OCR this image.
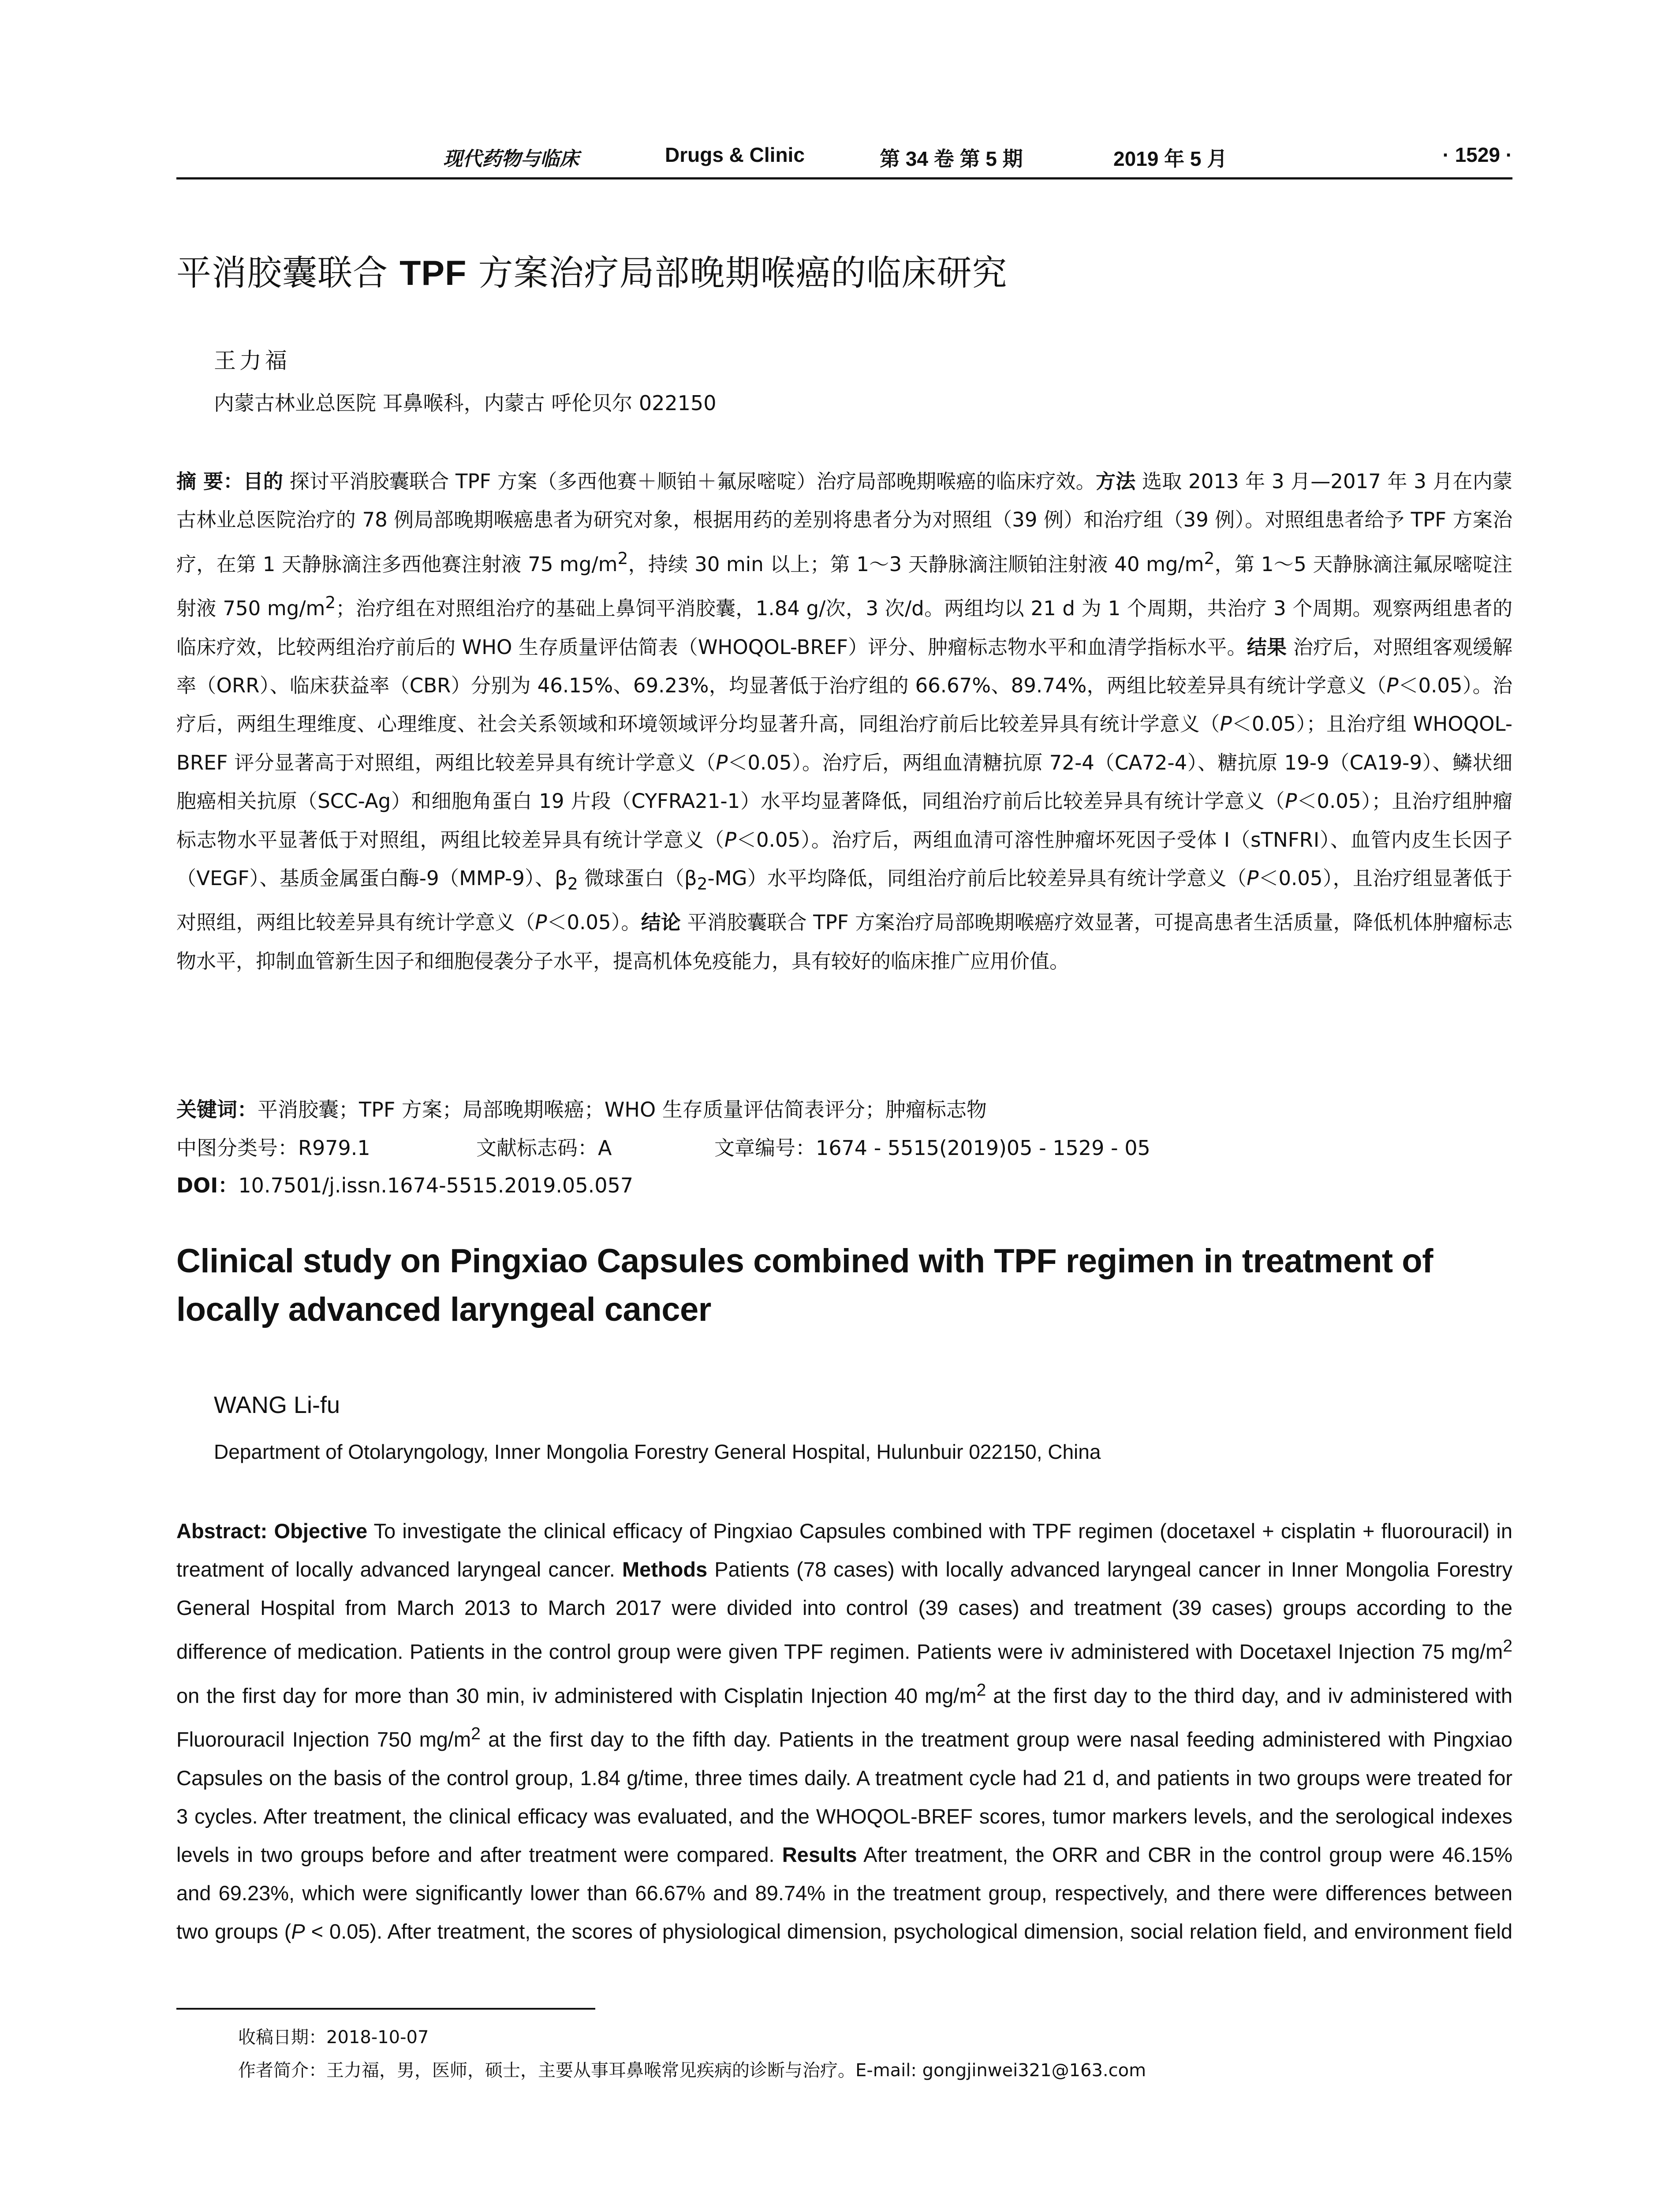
现代药物与临床	Drugs & Clinic	第 34 卷 第 5 期	2019 年 5 月	· 1529 ·
平消胶囊联合 TPF 方案治疗局部晚期喉癌的临床研究
王力福
内蒙古林业总医院 耳鼻喉科，内蒙古 呼伦贝尔 022150
摘 要：目的 探讨平消胶囊联合 TPF 方案（多西他赛＋顺铂＋氟尿嘧啶）治疗局部晚期喉癌的临床疗效。方法 选取 2013 年 3 月—2017 年 3 月在内蒙古林业总医院治疗的 78 例局部晚期喉癌患者为研究对象，根据用药的差别将患者分为对照组（39 例）和治疗组（39 例）。对照组患者给予 TPF 方案治疗，在第 1 天静脉滴注多西他赛注射液 75 $mg/m^2$，持续 30 min 以上；第 1～3 天静脉滴注顺铂注射液 40 $mg/m^2$，第 1～5 天静脉滴注氟尿嘧啶注射液 750 $mg/m^2$；治疗组在对照组治疗的基础上鼻饲平消胶囊，1.84 g/次，3 次/d。两组均以 21 d 为 1 个周期，共治疗 3 个周期。观察两组患者的临床疗效，比较两组治疗前后的 WHO 生存质量评估简表（WHOQOL-BREF）评分、肿瘤标志物水平和血清学指标水平。结果 治疗后，对照组客观缓解率（ORR）、临床获益率（CBR）分别为 46.15%、69.23%，均显著低于治疗组的 66.67%、89.74%，两组比较差异具有统计学意义（P＜0.05）。治疗后，两组生理维度、心理维度、社会关系领域和环境领域评分均显著升高，同组治疗前后比较差异具有统计学意义（P＜0.05）；且治疗组 WHOQOL-BREF 评分显著高于对照组，两组比较差异具有统计学意义（P＜0.05）。治疗后，两组血清糖抗原 72-4（CA72-4）、糖抗原 19-9（CA19-9）、鳞状细胞癌相关抗原（SCC-Ag）和细胞角蛋白 19 片段（CYFRA21-1）水平均显著降低，同组治疗前后比较差异具有统计学意义（P＜0.05）；且治疗组肿瘤标志物水平显著低于对照组，两组比较差异具有统计学意义（P＜0.05）。治疗后，两组血清可溶性肿瘤坏死因子受体 Ⅰ（sTNFRⅠ）、血管内皮生长因子（VEGF）、基质金属蛋白酶-9（MMP-9）、$\beta_2$ 微球蛋白$(\beta_2-MG)$水平均降低，同组治疗前后比较差异具有统计学意义（P＜0.05），且治疗组显著低于对照组，两组比较差异具有统计学意义（P＜0.05）。结论 平消胶囊联合 TPF 方案治疗局部晚期喉癌疗效显著，可提高患者生活质量，降低机体肿瘤标志物水平，抑制血管新生因子和细胞侵袭分子水平，提高机体免疫能力，具有较好的临床推广应用价值。
关键词：平消胶囊；TPF 方案；局部晚期喉癌；WHO 生存质量评估简表评分；肿瘤标志物
中图分类号：R979.1	文献标志码：A	文章编号：1674 - 5515(2019)05 - 1529 - 05
DOI：10.7501/j.issn.1674-5515.2019.05.057
Clinical study on Pingxiao Capsules combined with TPF regimen in treatment of locally advanced laryngeal cancer
WANG Li-fu
Department of Otolaryngology, Inner Mongolia Forestry General Hospital, Hulunbuir 022150, China
Abstract: Objective To investigate the clinical efficacy of Pingxiao Capsules combined with TPF regimen (docetaxel + cisplatin + fluorouracil) in treatment of locally advanced laryngeal cancer. Methods Patients (78 cases) with locally advanced laryngeal cancer in Inner Mongolia Forestry General Hospital from March 2013 to March 2017 were divided into control (39 cases) and treatment (39 cases) groups according to the difference of medication. Patients in the control group were given TPF regimen. Patients were iv administered with Docetaxel Injection 75 $mg/m^2$ on the first day for more than 30 min, iv administered with Cisplatin Injection 40 $mg/m^2$ at the first day to the third day, and iv administered with Fluorouracil Injection 750 $mg/m^2$ at the first day to the fifth day. Patients in the treatment group were nasal feeding administered with Pingxiao Capsules on the basis of the control group, 1.84 g/time, three times daily. A treatment cycle had 21 d, and patients in two groups were treated for 3 cycles. After treatment, the clinical efficacy was evaluated, and the WHOQOL-BREF scores, tumor markers levels, and the serological indexes levels in two groups before and after treatment were compared. Results After treatment, the ORR and CBR in the control group were 46.15% and 69.23%, which were significantly lower than 66.67% and 89.74% in the treatment group, respectively, and there were differences between two groups (P < 0.05). After treatment, the scores of physiological dimension, psychological dimension, social relation field, and environment field
收稿日期：2018-10-07
作者简介：王力福，男，医师，硕士，主要从事耳鼻喉常见疾病的诊断与治疗。E-mail: gongjinwei321@163.com
